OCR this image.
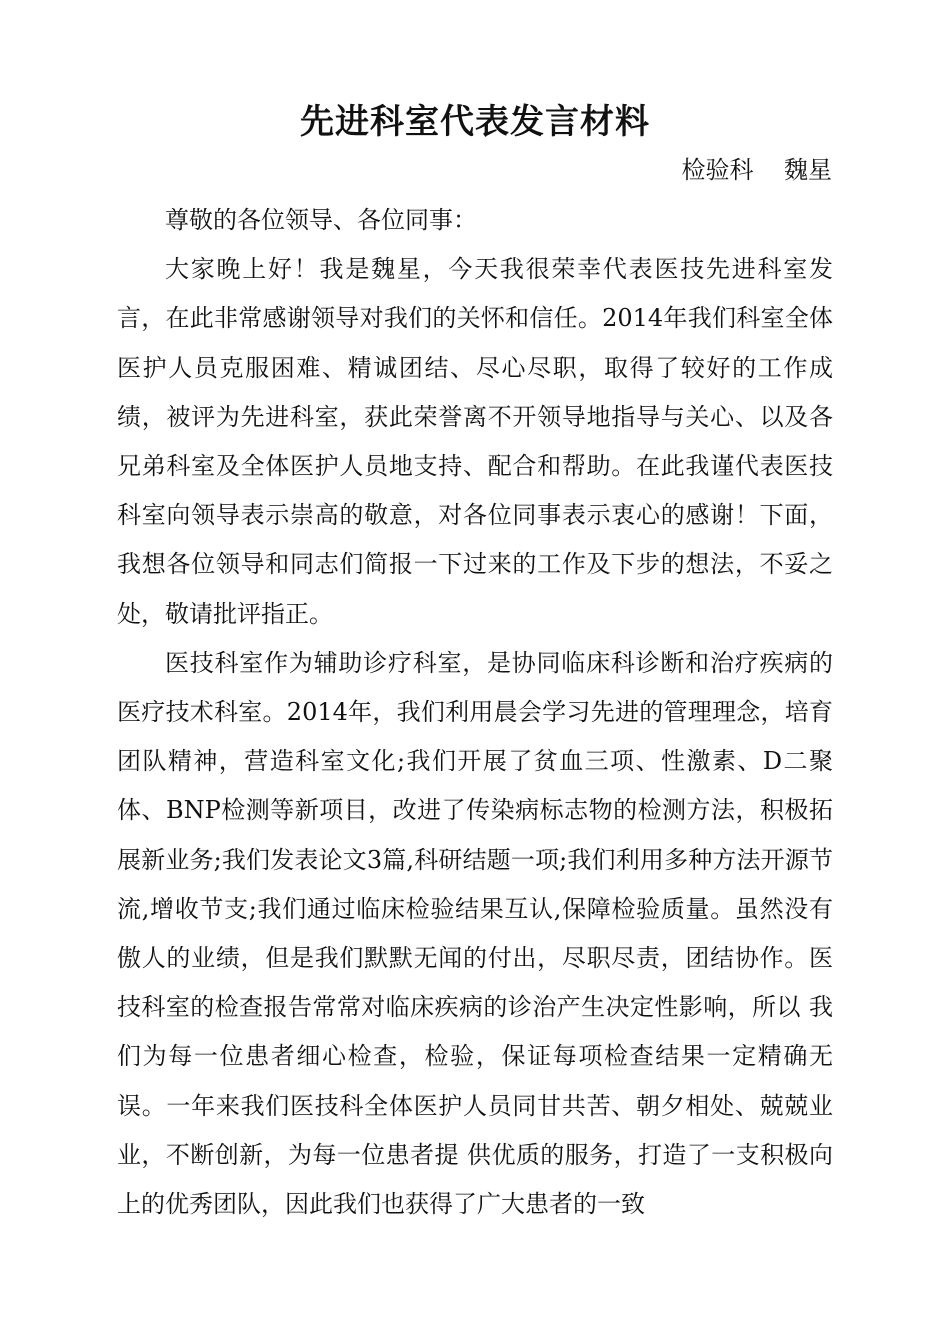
先进科室代表发言材料
检验科    魏星

尊敬的各位领导、各位同事：

大家晚上好！我是魏星，今天我很荣幸代表医技先进科室发言，在此非常感谢领导对我们的关怀和信任。2014年我们科室全体医护人员克服困难、精诚团结、尽心尽职，取得了较好的工作成绩，被评为先进科室，获此荣誉离不开领导地指导与关心、以及各兄弟科室及全体医护人员地支持、配合和帮助。在此我谨代表医技科室向领导表示崇高的敬意，对各位同事表示衷心的感谢！下面，我想各位领导和同志们简报一下过来的工作及下步的想法，不妥之处，敬请批评指正。

医技科室作为辅助诊疗科室，是协同临床科诊断和治疗疾病的医疗技术科室。2014年，我们利用晨会学习先进的管理理念，培育团队精神，营造科室文化;我们开展了贫血三项、性激素、D二聚体、BNP检测等新项目，改进了传染病标志物的检测方法，积极拓展新业务;我们发表论文3篇,科研结题一项;我们利用多种方法开源节流,增收节支;我们通过临床检验结果互认,保障检验质量。虽然没有傲人的业绩，但是我们默默无闻的付出，尽职尽责，团结协作。医技科室的检查报告常常对临床疾病的诊治产生决定性影响，所以 我们为每一位患者细心检查，检验，保证每项检查结果一定精确无误。一年来我们医技科全体医护人员同甘共苦、朝夕相处、兢兢业业，不断创新，为每一位患者提 供优质的服务，打造了一支积极向上的优秀团队，因此我们也获得了广大患者的一致
